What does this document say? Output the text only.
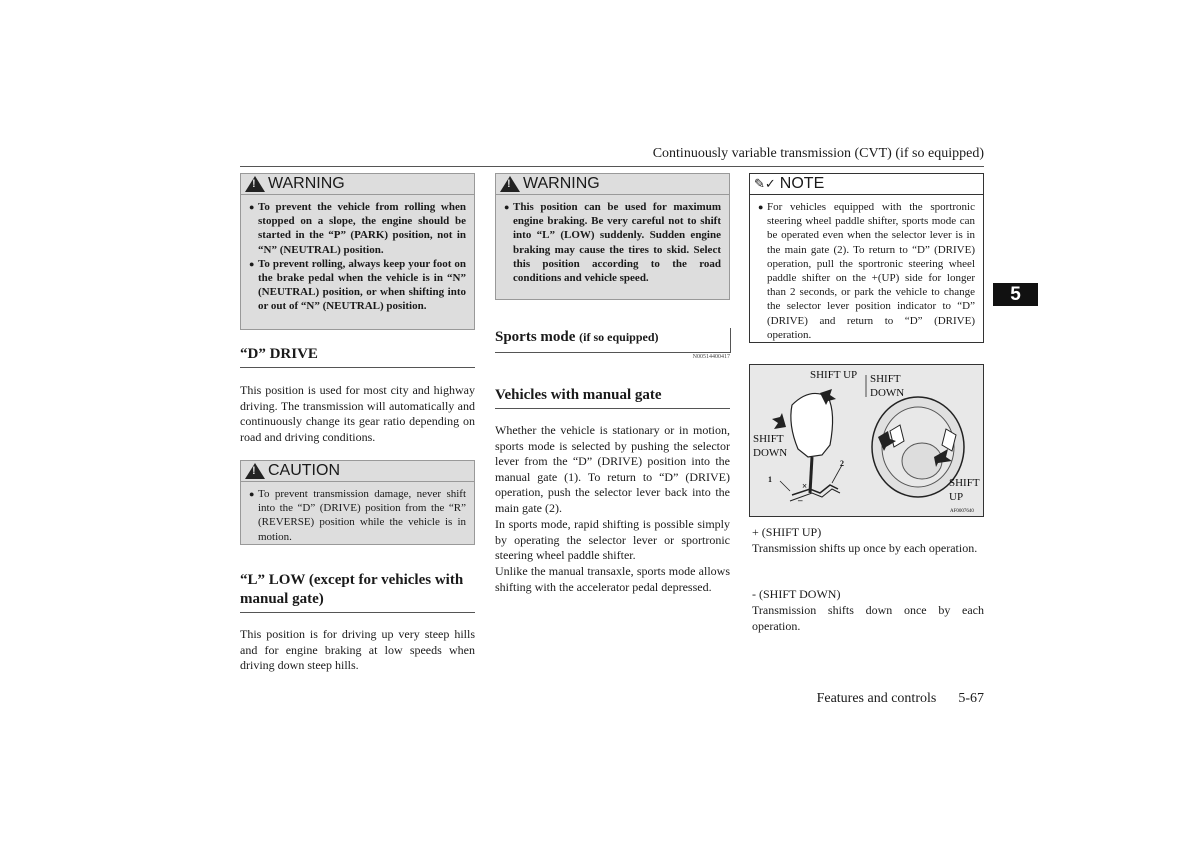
Continuously variable transmission (CVT) (if so equipped)
5
!
WARNING
● To prevent the vehicle from rolling when stopped on a slope, the engine should be started in the “P” (PARK) position, not in “N” (NEUTRAL) position.
● To prevent rolling, always keep your foot on the brake pedal when the vehicle is in “N” (NEUTRAL) position, or when shifting into or out of “N” (NEUTRAL) position.
“D” DRIVE
This position is used for most city and highway driving. The transmission will automatically and continuously change its gear ratio depending on road and driving conditions.
!
CAUTION
● To prevent transmission damage, never shift into the “D” (DRIVE) position from the “R” (REVERSE) position while the vehicle is in motion.
“L” LOW (except for vehicles with manual gate)
This position is for driving up very steep hills and for engine braking at low speeds when driving down steep hills.
!
WARNING
● This position can be used for maximum engine braking. Be very careful not to shift into “L” (LOW) suddenly. Sudden engine braking may cause the tires to skid. Select this position according to the road conditions and vehicle speed.
Sports mode (if so equipped)
N00514400417
Vehicles with manual gate
Whether the vehicle is stationary or in motion, sports mode is selected by pushing the selector lever from the “D” (DRIVE) position into the manual gate (1). To return to “D” (DRIVE) operation, push the selector lever back into the main gate (2).
In sports mode, rapid shifting is possible simply by operating the selector lever or sportronic steering wheel paddle shifter.
Unlike the manual transaxle, sports mode allows shifting with the accelerator pedal depressed.
✎✓ NOTE
● For vehicles equipped with the sportronic steering wheel paddle shifter, sports mode can be operated even when the selector lever is in the main gate (2). To return to “D” (DRIVE) operation, pull the sportronic steering wheel paddle shifter on the +(UP) side for longer than 2 seconds, or park the vehicle to change the selector lever position indicator to “D” (DRIVE) and return to “D” (DRIVE) operation.
SHIFT UP SHIFT DOWN
SHIFT DOWN
SHIFT UP
1
2
–
×
AF0007640
+ (SHIFT UP)
Transmission shifts up once by each operation.
- (SHIFT DOWN)
Transmission shifts down once by each operation.
Features and controls 5-67
